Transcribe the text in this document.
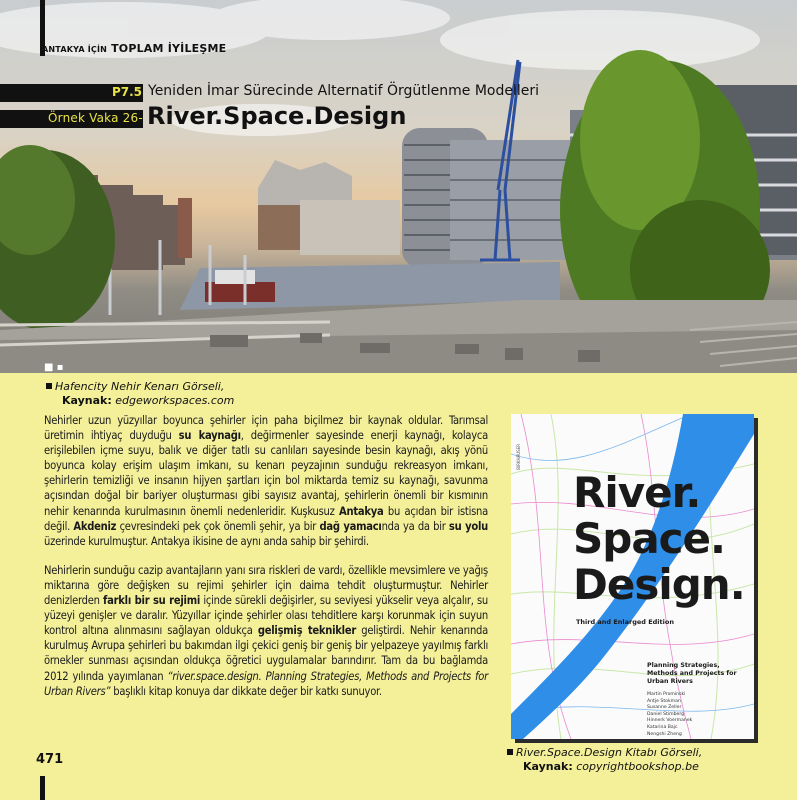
ANTAKYA İÇİN TOPLAM İYİLEŞME
P7.5 Yeniden İmar Sürecinde Alternatif Örgütlenme Modelleri
Örnek Vaka 26- River.Space.Design
■ ▪
Hafencity Nehir Kenarı Görseli,
Kaynak: edgeworkspaces.com

Nehirler uzun yüzyıllar boyunca şehirler için paha biçilmez bir kaynak oldular. Tarımsal üretimin ihtiyaç duyduğu su kaynağı, değirmenler sayesinde enerji kaynağı, kolayca erişilebilen içme suyu, balık ve diğer tatlı su canlıları sayesinde besin kaynağı, akış yönü boyunca kolay erişim ulaşım imkanı, su kenarı peyzajının sunduğu rekreasyon imkanı, şehirlerin temizliği ve insanın hijyen şartları için bol miktarda temiz su kaynağı, savunma açısından doğal bir bariyer oluşturması gibi sayısız avantaj, şehirlerin önemli bir kısmının nehir kenarında kurulmasının önemli nedenleridir. Kuşkusuz Antakya bu açıdan bir istisna değil. Akdeniz çevresindeki pek çok önemli şehir, ya bir dağ yamacında ya da bir su yolu üzerinde kurulmuştur. Antakya ikisine de aynı anda sahip bir şehirdi.

Nehirlerin sunduğu cazip avantajların yanı sıra riskleri de vardı, özellikle mevsimlere ve yağış miktarına göre değişken su rejimi şehirler için daima tehdit oluşturmuştur. Nehirler denizlerden farklı bir su rejimi içinde sürekli değişirler, su seviyesi yükselir veya alçalır, su yüzeyi genişler ve daralır. Yüzyıllar içinde şehirler olası tehditlere karşı korunmak için suyun kontrol altına alınmasını sağlayan oldukça gelişmiş teknikler geliştirdi. Nehir kenarında kurulmuş Avrupa şehirleri bu bakımdan ilgi çekici geniş bir geniş bir yelpazeye yayılmış farklı örnekler sunması açısından oldukça öğretici uygulamalar barındırır. Tam da bu bağlamda 2012 yılında yayımlanan “river.space.design. Planning Strategies, Methods and Projects for Urban Rivers” başlıklı kitap konuya dar dikkate değer bir katkı sunuyor.

BIRKHÄUSER
River.
Space.
Design.
Third and Enlarged Edition
Planning Strategies, Methods and Projects for Urban Rivers
Martin Prominski
Antje Stokman
Susanne Zeller
Daniel Stimberg
Hinnerk Voermanek
Katarina Bajc
Nengshi Zheng
River.Space.Design Kitabı Görseli,
Kaynak: copyrightbookshop.be
471
